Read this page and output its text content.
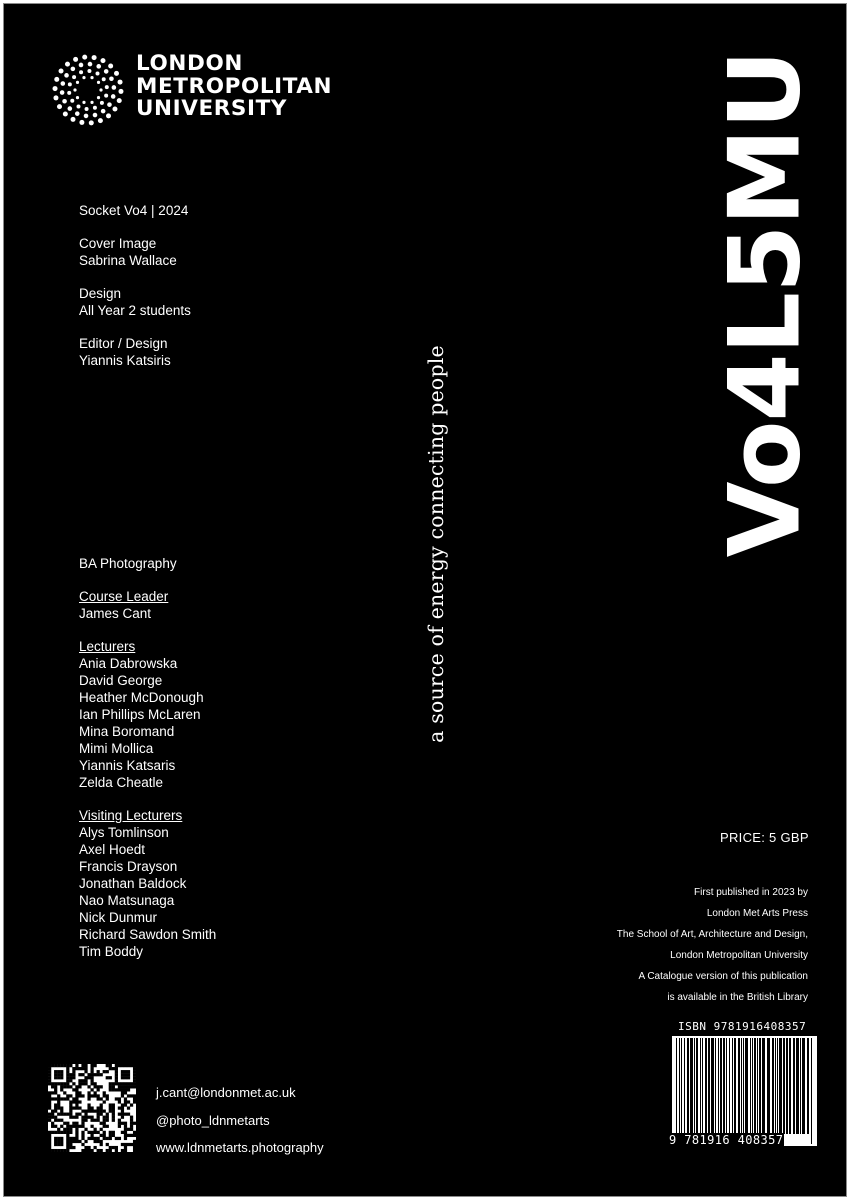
LONDON
METROPOLITAN
UNIVERSITY
Socket Vo4 | 2024
Cover Image
Sabrina Wallace
Design
All Year 2 students
Editor / Design
Yiannis Katsiris
BA Photography
Course Leader
James Cant
Lecturers
Ania Dabrowska
David George
Heather McDonough
Ian Phillips McLaren
Mina Boromand
Mimi Mollica
Yiannis Katsaris
Zelda Cheatle
Visiting Lecturers
Alys Tomlinson
Axel Hoedt
Francis Drayson
Jonathan Baldock
Nao Matsunaga
Nick Dunmur
Richard Sawdon Smith
Tim Boddy
Vo4L5MU
a source of energy connecting people
PRICE: 5 GBP
First published in 2023 by
London Met Arts Press
The School of Art, Architecture and Design,
London Metropolitan University
A Catalogue version of this publication
is available in the British Library
ISBN 9781916408357
9 781916 408357
j.cant@londonmet.ac.uk
@photo_ldnmetarts
www.ldnmetarts.photography
